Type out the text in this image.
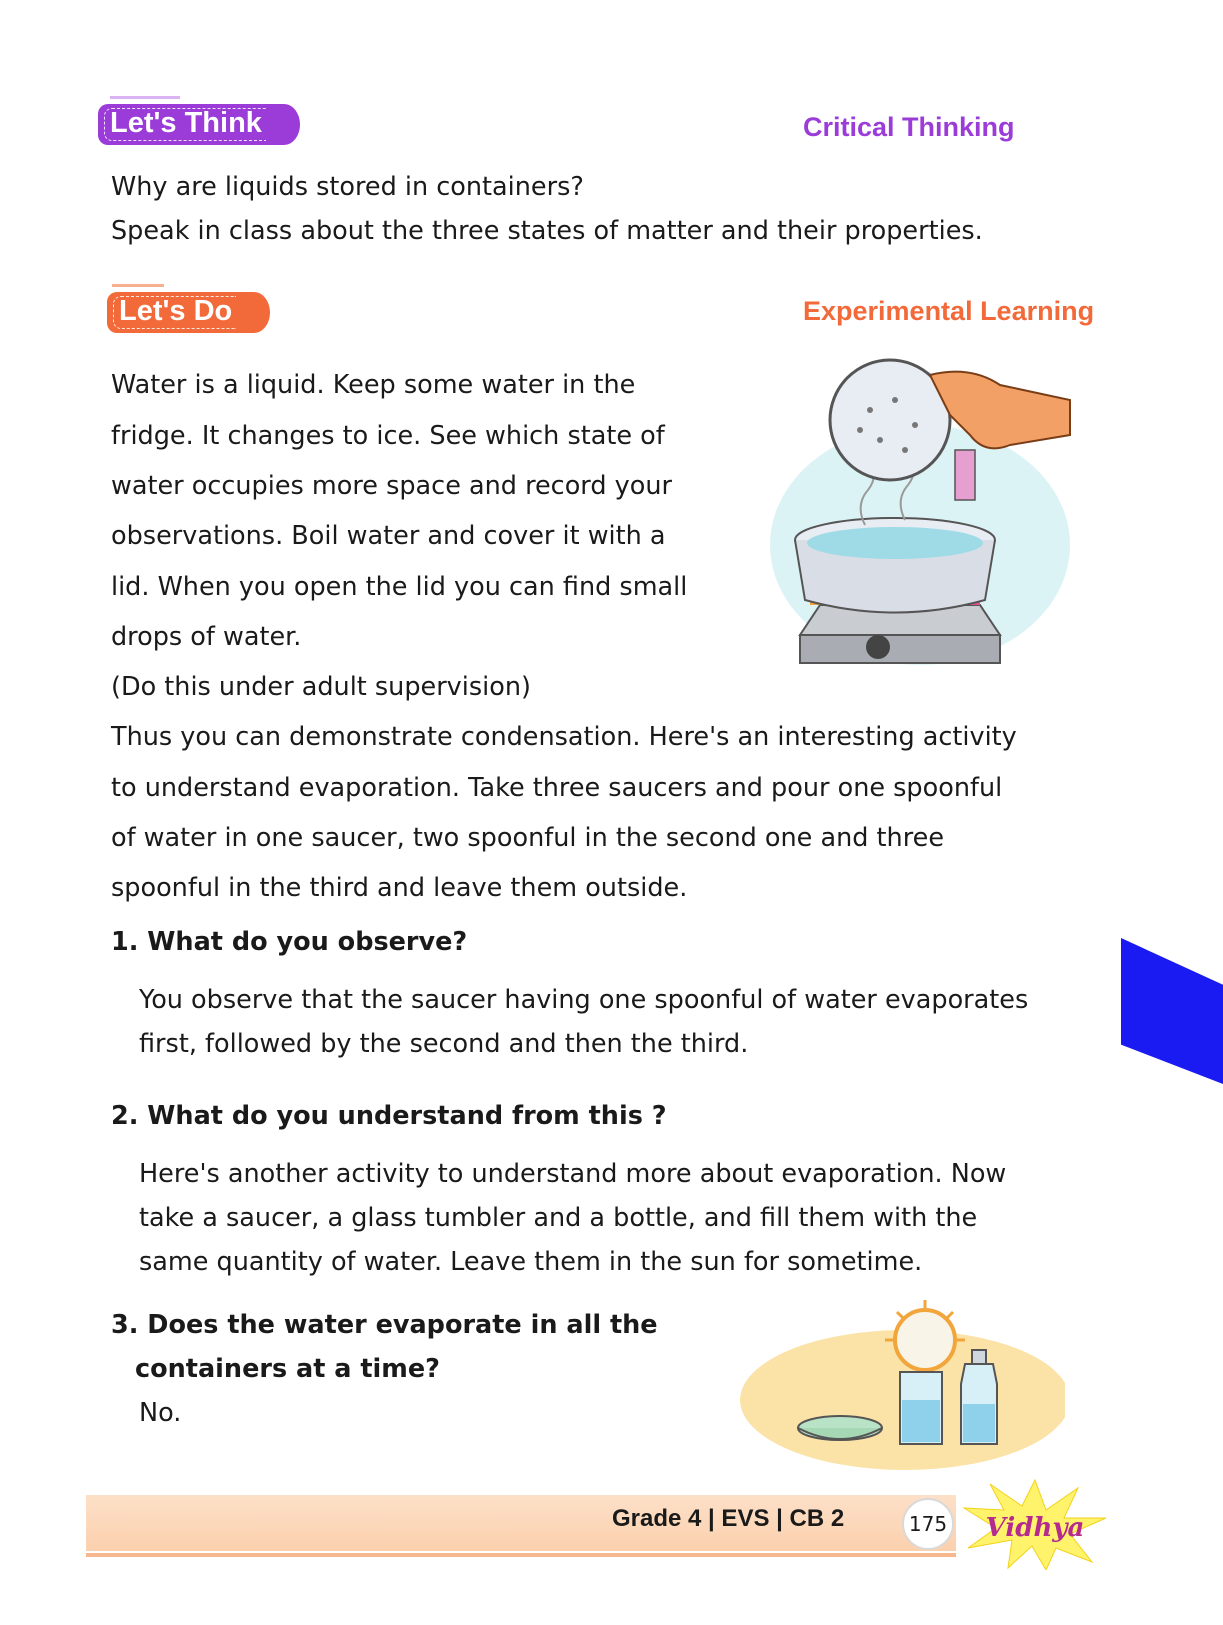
Let's Think	Critical Thinking
Why are liquids stored in containers?
Speak in class about the three states of matter and their properties.
Let's Do	Experimental Learning
Water is a liquid. Keep some water in the
fridge. It changes to ice. See which state of
water occupies more space and record your
observations. Boil water and cover it with a
lid. When you open the lid you can find small
drops of water.
(Do this under adult supervision)
Thus you can demonstrate condensation. Here's an interesting activity
to understand evaporation. Take three saucers and pour one spoonful
of water in one saucer, two spoonful in the second one and three
spoonful in the third and leave them outside.
1. What do you observe?
You observe that the saucer having one spoonful of water evaporates
first, followed by the second and then the third.
2. What do you understand from this ?
Here's another activity to understand more about evaporation. Now
take a saucer, a glass tumbler and a bottle, and fill them with the
same quantity of water. Leave them in the sun for sometime.
3. Does the water evaporate in all the
containers at a time?
No.
Grade 4 | EVS | CB 2	175 Vidhya
